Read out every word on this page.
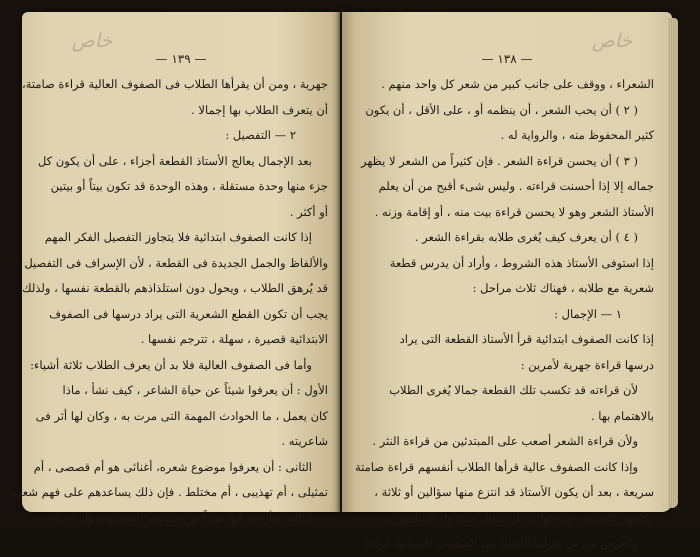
خاص
— ١٣٩ —
جهرية ، ومن أن يقرأها الطلاب فى الصفوف العالية قراءة صامتة،
أن يتعرف الطلاب بها إجمالا .
٢ — التفصيل :
بعد الإجمال يعالج الأستاذ القطعة أجزاء ، على أن يكون كل
جزء منها وحدة مستقلة ، وهذه الوحدة قد تكون بيتاً أو بيتين
أو أكثر .
إذا كانت الصفوف ابتدائية فلا يتجاوز التفصيل الفكر المهم
والألفاظ والجمل الجديدة فى القطعة ، لأن الإسراف فى التفصيل
قد يُرهق الطلاب ، ويحول دون استلذاذهم بالقطعة نفسها ، ولذلك
يجب أن تكون القطع الشعرية التى يراد درسها فى الصفوف
الابتدائية قصيرة ، سهلة ، تترجم نفسها .
وأما فى الصفوف العالية فلا بد أن يعرف الطلاب ثلاثة أشياء:
الأول : أن يعرفوا شيئاً عن حياة الشاعر ، كيف نشأ ، ماذا
كان يعمل ، ما الحوادث المهمة التى مرت به ، وكان لها أثر فى
شاعريته .
الثانى : أن يعرفوا موضوع شعره، أغنائى هو أم قصصى ، أم
تمثيلى ، أم تهذيبى ، أم مختلط . فإن ذلك يساعدهم على فهم شعره.
الثالث : أن يعرفوا شيئاً عن صناعته الشعرية ، هل ارتبك
خاص
— ١٣٨ —
الشعراء ، ووقف على جانب كبير من شعر كل واحد منهم .
( ٢ ) أن يحب الشعر ، أن ينظمه أو ، على الأقل ، أن يكون
كثير المحفوظ منه ، والرواية له .
( ٣ ) أن يحسن قراءة الشعر . فإن كثيراً من الشعر لا يظهر
جماله إلا إذا أحسنت قراءته . وليس شىء أقبح من أن يعلم
الأستاذ الشعر وهو لا يحسن قراءة بيت منه ، أو إقامة وزنه .
( ٤ ) أن يعرف كيف يُغرى طلابه بقراءة الشعر .
إذا استوفى الأستاذ هذه الشروط ، وأراد أن يدرس قطعة
شعرية مع طلابه ، فهناك ثلاث مراحل :
١ — الإجمال :
إذا كانت الصفوف ابتدائية قرأ الأستاذ القطعة التى يراد
درسها قراءة جهرية لأمرين :
لأن قراءته قد تكسب تلك القطعة جمالا يُغرى الطلاب
بالاهتمام بها .
ولأن قراءة الشعر أصعب على المبتدئين من قراءة النثر .
وإذا كانت الصفوف عالية قرأها الطلاب أنفسهم قراءة صامتة
سريعة ، بعد أن يكون الأستاذ قد انتزع منها سؤالين أو ثلاثة ،
وكلفهم التفتيش عن جواب كل سؤال استدعاء لانتباههم .
والغرض من أن يقرأها الأستاذ فى الصفوف الابتدائية قراءة
